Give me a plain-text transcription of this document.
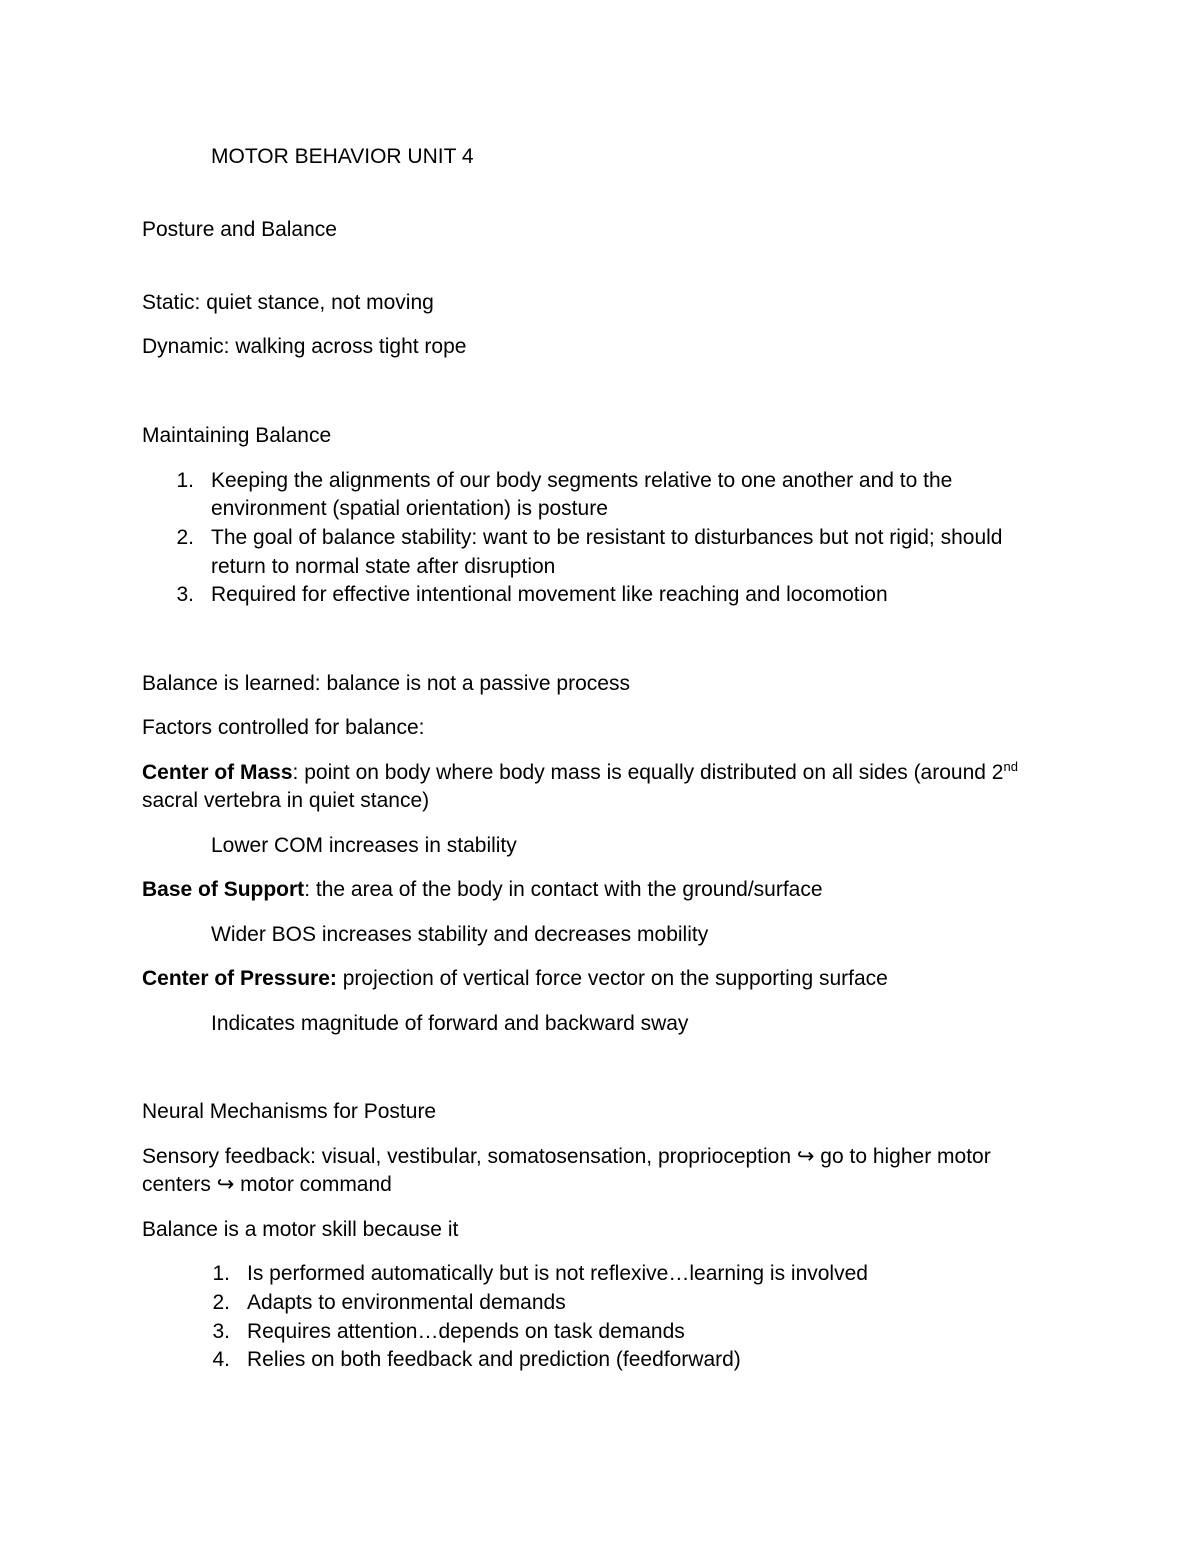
MOTOR BEHAVIOR UNIT 4
Posture and Balance
Static: quiet stance, not moving
Dynamic: walking across tight rope
Maintaining Balance
1. Keeping the alignments of our body segments relative to one another and to the
environment (spatial orientation) is posture
2. The goal of balance stability: want to be resistant to disturbances but not rigid; should
return to normal state after disruption
3. Required for effective intentional movement like reaching and locomotion
Balance is learned: balance is not a passive process
Factors controlled for balance:
Center of Mass: point on body where body mass is equally distributed on all sides (around 2nd
sacral vertebra in quiet stance)
Lower COM increases in stability
Base of Support: the area of the body in contact with the ground/surface
Wider BOS increases stability and decreases mobility
Center of Pressure: projection of vertical force vector on the supporting surface
Indicates magnitude of forward and backward sway
Neural Mechanisms for Posture
Sensory feedback: visual, vestibular, somatosensation, proprioception ↪ go to higher motor
centers ↪ motor command
Balance is a motor skill because it
1. Is performed automatically but is not reflexive…learning is involved
2. Adapts to environmental demands
3. Requires attention…depends on task demands
4. Relies on both feedback and prediction (feedforward)
